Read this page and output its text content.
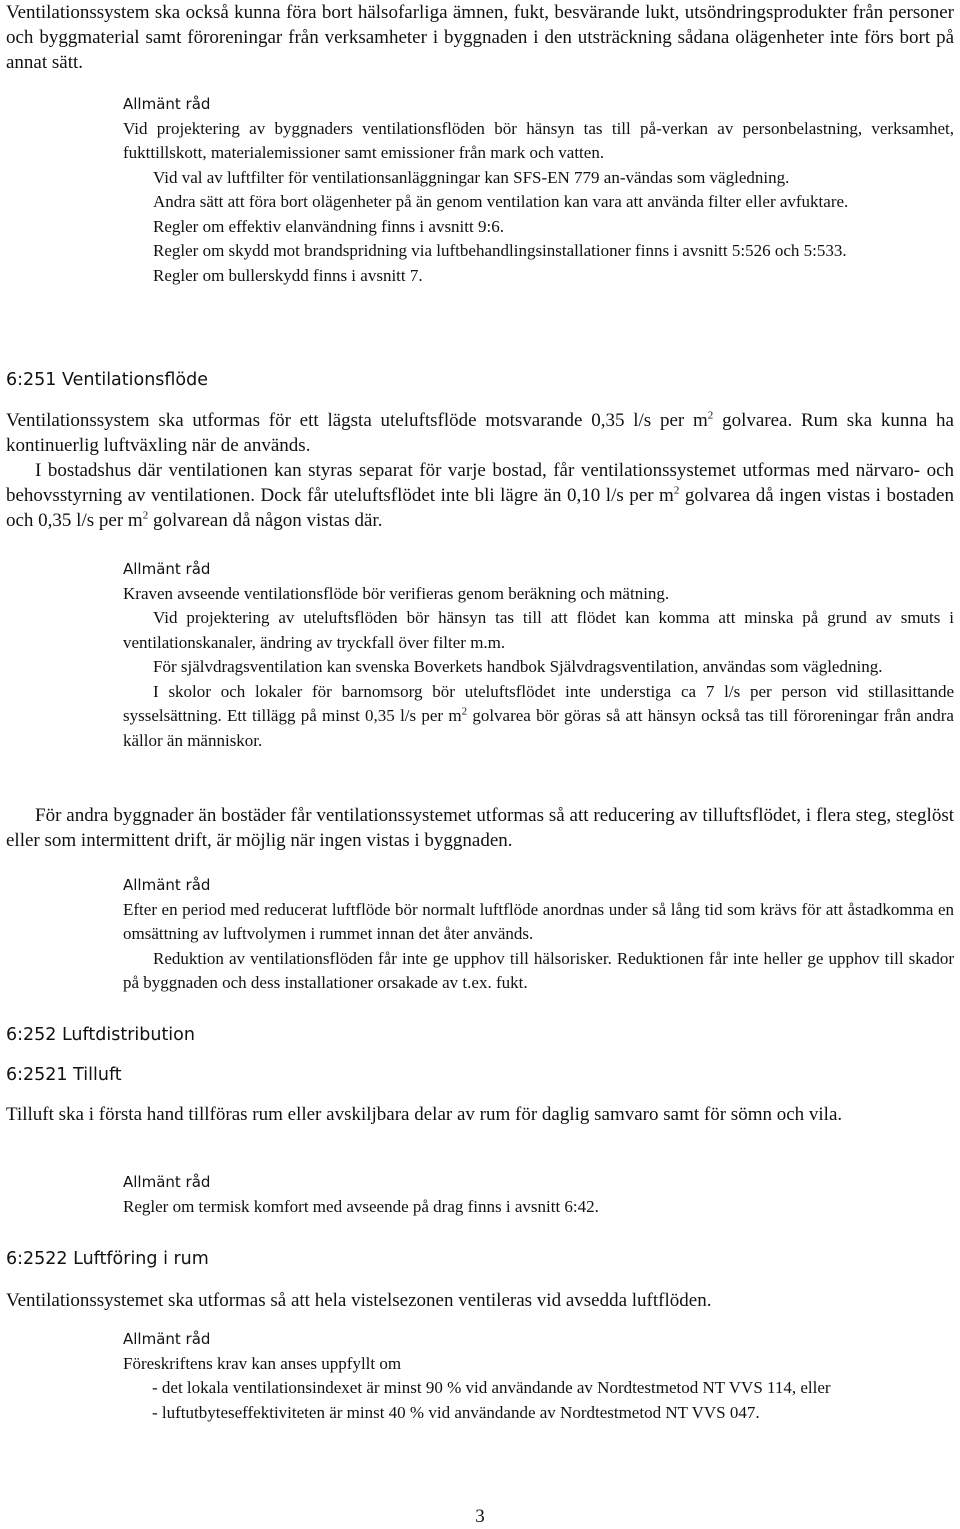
Ventilationssystem ska också kunna föra bort hälsofarliga ämnen, fukt, besvärande lukt, utsöndringsprodukter från personer och byggmaterial samt föroreningar från verksamheter i byggnaden i den utsträckning sådana olägenheter inte förs bort på annat sätt.

Allmänt råd

Vid projektering av byggnaders ventilationsflöden bör hänsyn tas till på-verkan av personbelastning, verksamhet, fukttillskott, materialemissioner samt emissioner från mark och vatten.

Vid val av luftfilter för ventilationsanläggningar kan SFS-EN 779 an-vändas som vägledning.

Andra sätt att föra bort olägenheter på än genom ventilation kan vara att använda filter eller avfuktare.

Regler om effektiv elanvändning finns i avsnitt 9:6.

Regler om skydd mot brandspridning via luftbehandlingsinstallationer finns i avsnitt 5:526 och 5:533.

Regler om bullerskydd finns i avsnitt 7.

6:251 Ventilationsflöde

Ventilationssystem ska utformas för ett lägsta uteluftsflöde motsvarande 0,35 l/s per $m^2$ golvarea. Rum ska kunna ha kontinuerlig luftväxling när de används.

I bostadshus där ventilationen kan styras separat för varje bostad, får ventilationssystemet utformas med närvaro- och behovsstyrning av ventilationen. Dock får uteluftsflödet inte bli lägre än 0,10 l/s per $m^2$ golvarea då ingen vistas i bostaden och 0,35 l/s per $m^2$ golvarean då någon vistas där.

Allmänt råd

Kraven avseende ventilationsflöde bör verifieras genom beräkning och mätning.

Vid projektering av uteluftsflöden bör hänsyn tas till att flödet kan komma att minska på grund av smuts i ventilationskanaler, ändring av tryckfall över filter m.m.

För självdragsventilation kan svenska Boverkets handbok Självdragsventilation, användas som vägledning.

I skolor och lokaler för barnomsorg bör uteluftsflödet inte understiga ca 7 l/s per person vid stillasittande sysselsättning. Ett tillägg på minst 0,35 l/s per $m^2$ golvarea bör göras så att hänsyn också tas till föroreningar från andra källor än människor.

För andra byggnader än bostäder får ventilationssystemet utformas så att reducering av tilluftsflödet, i flera steg, steglöst eller som intermittent drift, är möjlig när ingen vistas i byggnaden.

Allmänt råd

Efter en period med reducerat luftflöde bör normalt luftflöde anordnas under så lång tid som krävs för att åstadkomma en omsättning av luftvolymen i rummet innan det åter används.

Reduktion av ventilationsflöden får inte ge upphov till hälsorisker. Reduktionen får inte heller ge upphov till skador på byggnaden och dess installationer orsakade av t.ex. fukt.

6:252 Luftdistribution
6:2521 Tilluft

Tilluft ska i första hand tillföras rum eller avskiljbara delar av rum för daglig samvaro samt för sömn och vila.

Allmänt råd

Regler om termisk komfort med avseende på drag finns i avsnitt 6:42.

6:2522 Luftföring i rum

Ventilationssystemet ska utformas så att hela vistelsezonen ventileras vid avsedda luftflöden.

Allmänt råd

Föreskriftens krav kan anses uppfyllt om

- det lokala ventilationsindexet är minst 90 % vid användande av Nordtestmetod NT VVS 114, eller

- luftutbyteseffektiviteten är minst 40 % vid användande av Nordtestmetod NT VVS 047.

3
